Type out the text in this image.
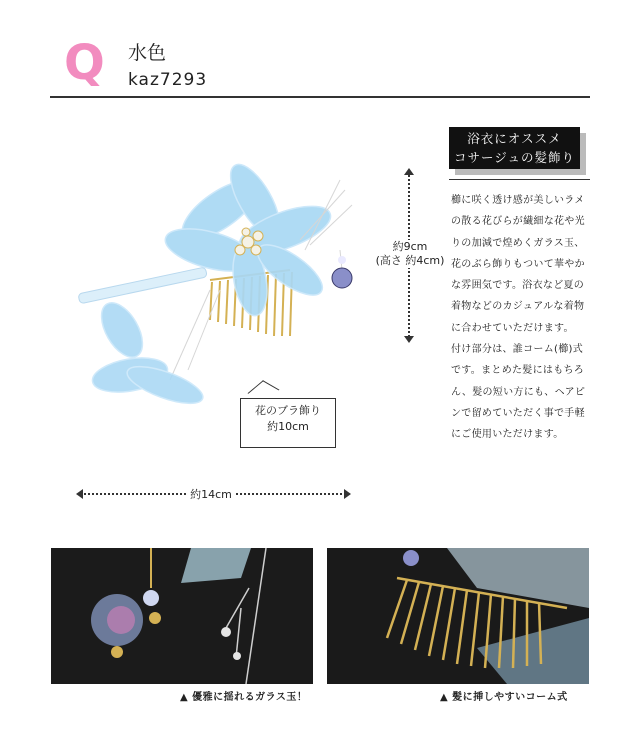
Q 水色
kaz7293
約9cm
(高さ 約4cm)
花のブラ飾り
約10cm
約14cm
浴衣にオススメ
コサージュの髪飾り

櫛に咲く透け感が美しいラメの散る花びらが繊細な花や光りの加減で煌めくガラス玉、花のぶら飾りもついて華やかな雰囲気です。浴衣など夏の着物などのカジュアルな着物に合わせていただけます。

付け部分は、誰コーム(櫛)式です。まとめた髪にはもちろん、髪の短い方にも、ヘアピンで留めていただく事で手軽にご使用いただけます。

▲ 優雅に揺れるガラス玉！	▲ 髪に挿しやすいコーム式
